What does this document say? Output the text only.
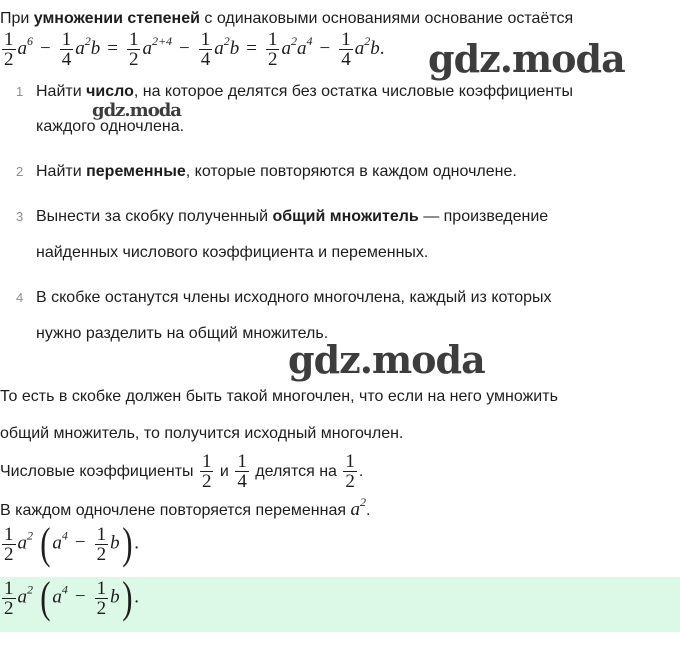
При умножении степеней с одинаковыми основаниями основание остаётся
$\frac{1}{2} a^6 - \frac{1}{4} a^2b = \frac{1}{2} a^{2+4} - \frac{1}{4} a^2b = \frac{1}{2} a^2a^4 - \frac{1}{4} a^2b$. gdz.moda
1 Найти число, на которое делятся без остатка числовые коэффициенты
каждого одночлена.
gdz.moda
2 Найти переменные, которые повторяются в каждом одночлене.
3 Вынести за скобку полученный общий множитель — произведение
найденных числового коэффициента и переменных.
4 В скобке останутся члены исходного многочлена, каждый из которых
нужно разделить на общий множитель.
gdz.moda
То есть в скобке должен быть такой многочлен, что если на него умножить
общий множитель, то получится исходный многочлен.
Числовые коэффициенты $\frac{1}{2}$ и $\frac{1}{4}$ делятся на $\frac{1}{2}$ .
В каждом одночлене повторяется переменная $a^2$.
$\frac{1}{2} a^2$ ( $a^4 - \frac{1}{2} b$) .
$\frac{1}{2} a^2$ ( $a^4 - \frac{1}{2} b$) .
